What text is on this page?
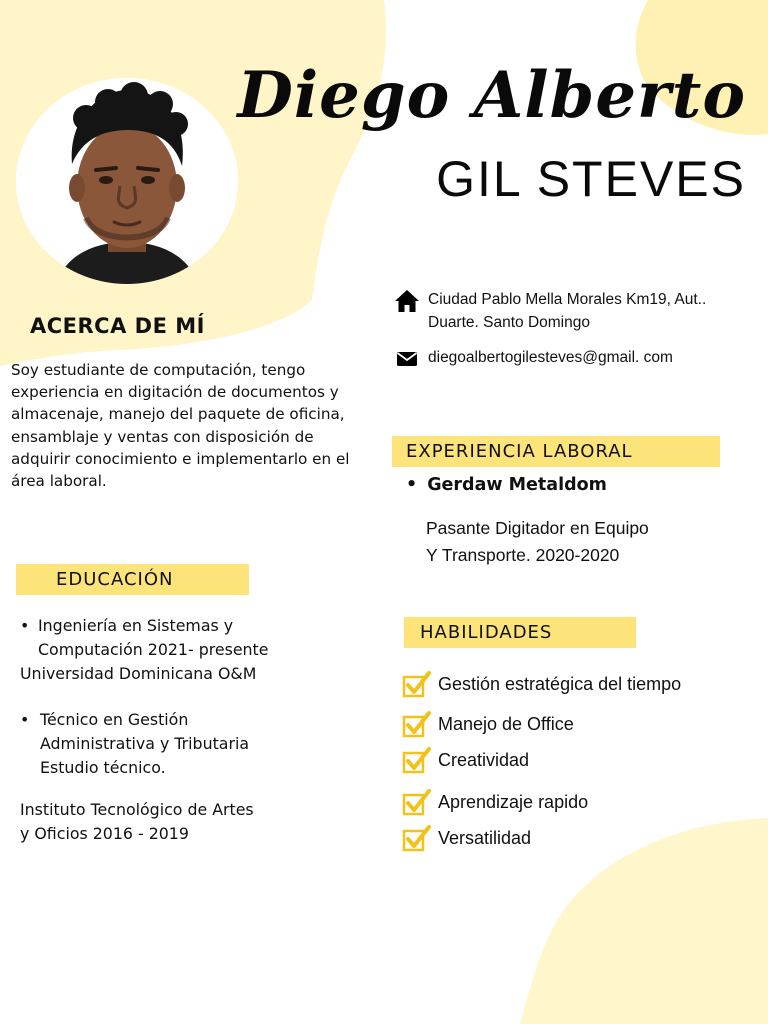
Diego Alberto
GIL STEVES
ACERCA DE MÍ

Soy estudiante de computación, tengo experiencia en digitación de documentos y almacenaje, manejo del paquete de oficina, ensamblaje y ventas con disposición de adquirir conocimiento e implementarlo en el área laboral.

EDUCACIÓN
• Ingeniería en Sistemas y
Computación 2021- presente
Universidad Dominicana O&M
• Técnico en Gestión
Administrativa y Tributaria
Estudio técnico.
Instituto Tecnológico de Artes
y Oficios 2016 - 2019
Ciudad Pablo Mella Morales Km19, Aut.. Duarte. Santo Domingo
diegoalbertogilesteves@gmail. com
EXPERIENCIA LABORAL
• Gerdaw Metaldom
Pasante Digitador en Equipo
Y Transporte. 2020-2020
HABILIDADES
Gestión estratégica del tiempo
Manejo de Office
Creatividad
Aprendizaje rapido
Versatilidad
